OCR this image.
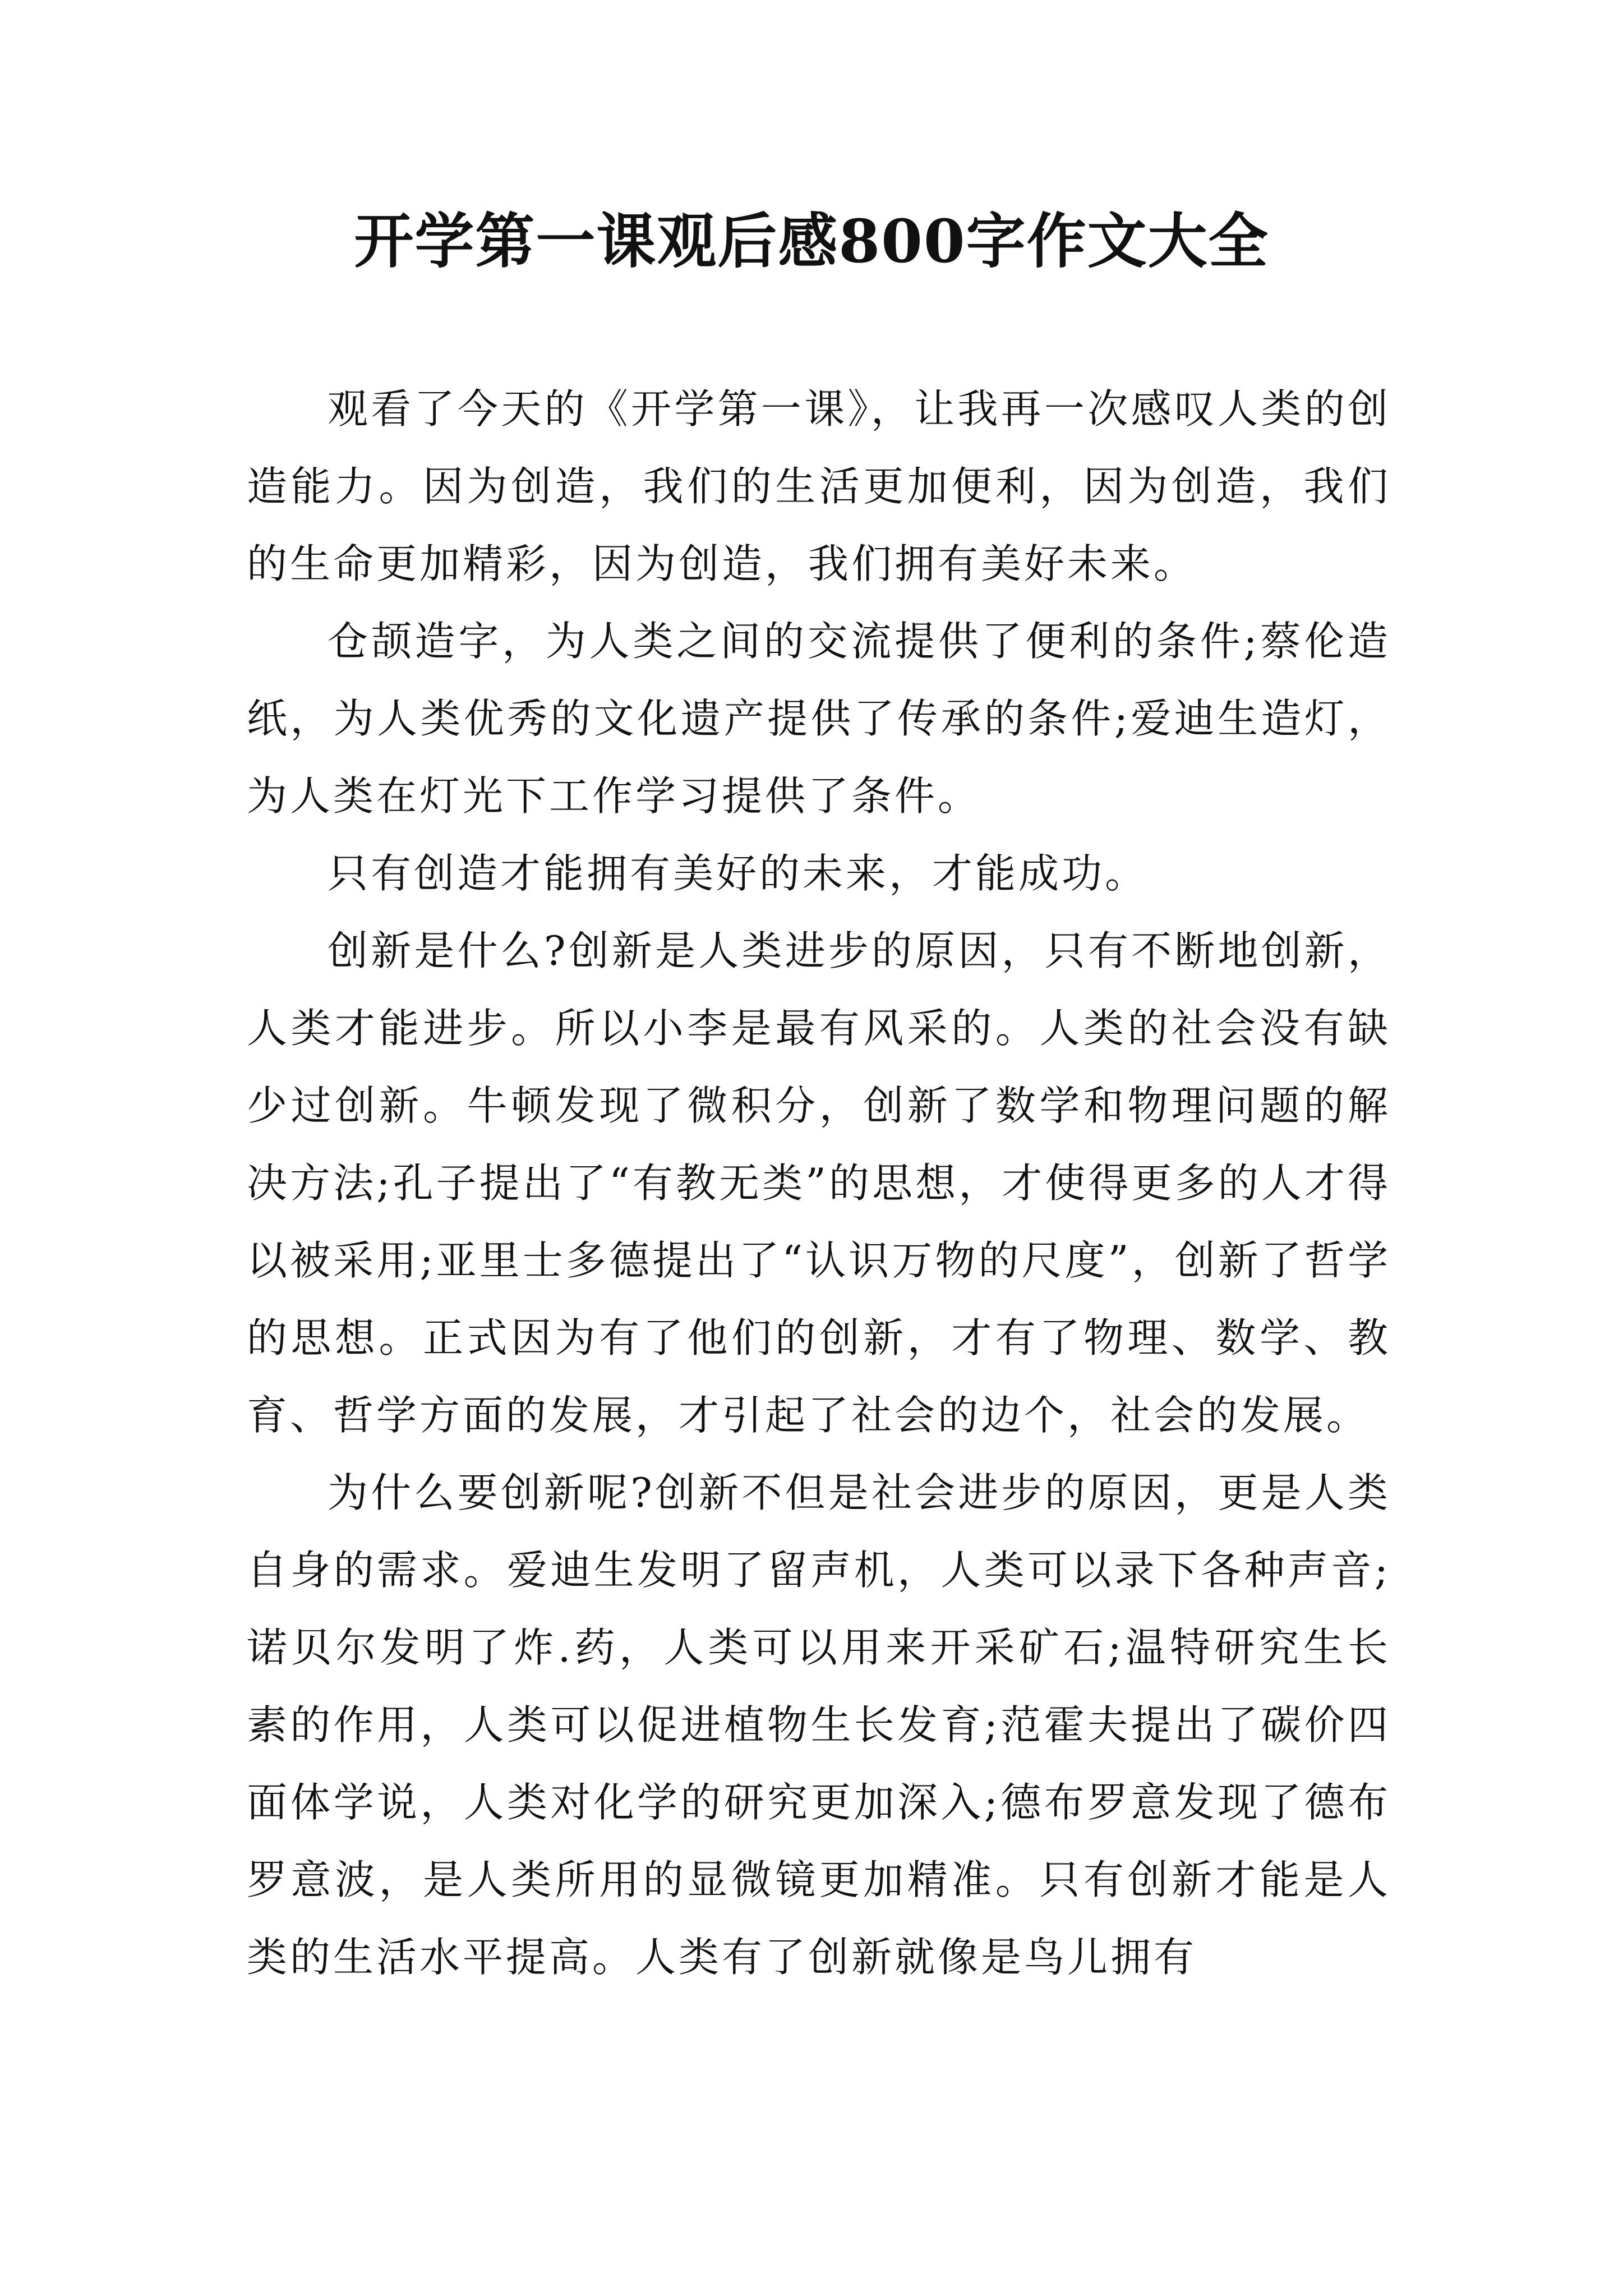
开学第一课观后感800字作文大全

观看了今天的《开学第一课》，让我再一次感叹人类的创造能力。因为创造，我们的生活更加便利，因为创造，我们的生命更加精彩，因为创造，我们拥有美好未来。

仓颉造字，为人类之间的交流提供了便利的条件;蔡伦造纸，为人类优秀的文化遗产提供了传承的条件;爱迪生造灯，为人类在灯光下工作学习提供了条件。

只有创造才能拥有美好的未来，才能成功。

创新是什么?创新是人类进步的原因，只有不断地创新，人类才能进步。所以小李是最有风采的。人类的社会没有缺少过创新。牛顿发现了微积分，创新了数学和物理问题的解决方法;孔子提出了“有教无类”的思想，才使得更多的人才得以被采用;亚里士多德提出了“认识万物的尺度”，创新了哲学的思想。正式因为有了他们的创新，才有了物理、数学、教育、哲学方面的发展，才引起了社会的边个，社会的发展。

为什么要创新呢?创新不但是社会进步的原因，更是人类自身的需求。爱迪生发明了留声机，人类可以录下各种声音;诺贝尔发明了炸.药，人类可以用来开采矿石;温特研究生长素的作用，人类可以促进植物生长发育;范霍夫提出了碳价四面体学说，人类对化学的研究更加深入;德布罗意发现了德布罗意波，是人类所用的显微镜更加精准。只有创新才能是人类的生活水平提高。人类有了创新就像是鸟儿拥有
